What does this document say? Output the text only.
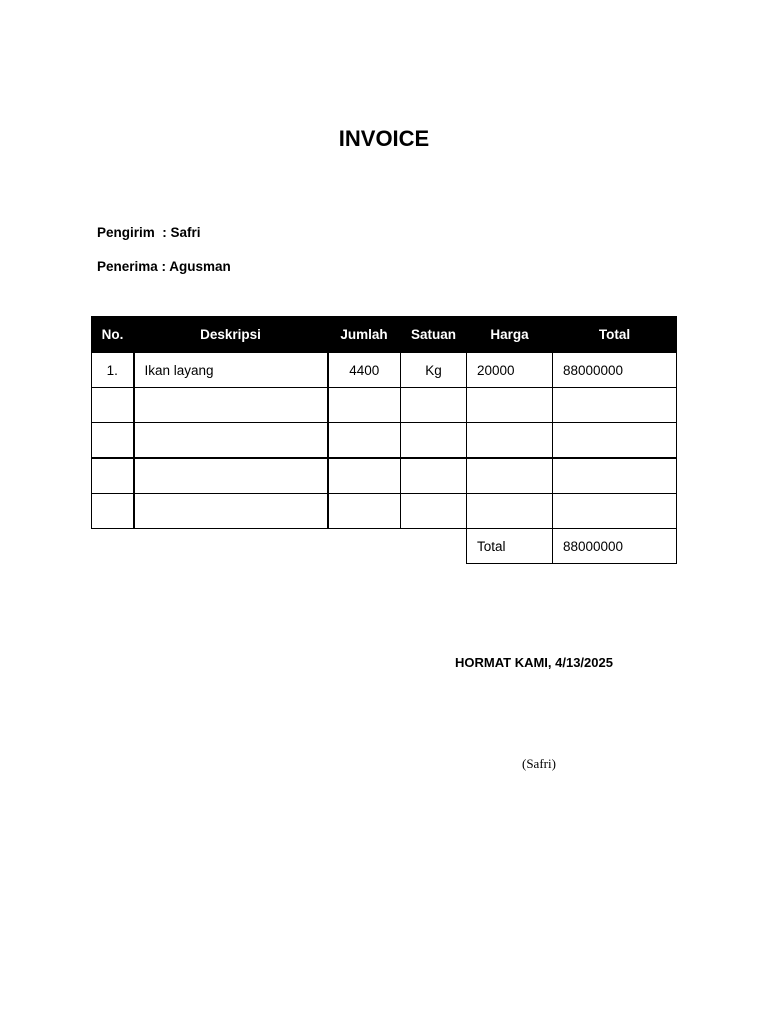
INVOICE
Pengirim  : Safri
Penerima : Agusman
No.	Deskripsi	Jumlah	Satuan	Harga	Total
1.	Ikan layang	4400	Kg	20000	88000000

				Total	88000000
HORMAT KAMI, 4/13/2025
(Safri)
